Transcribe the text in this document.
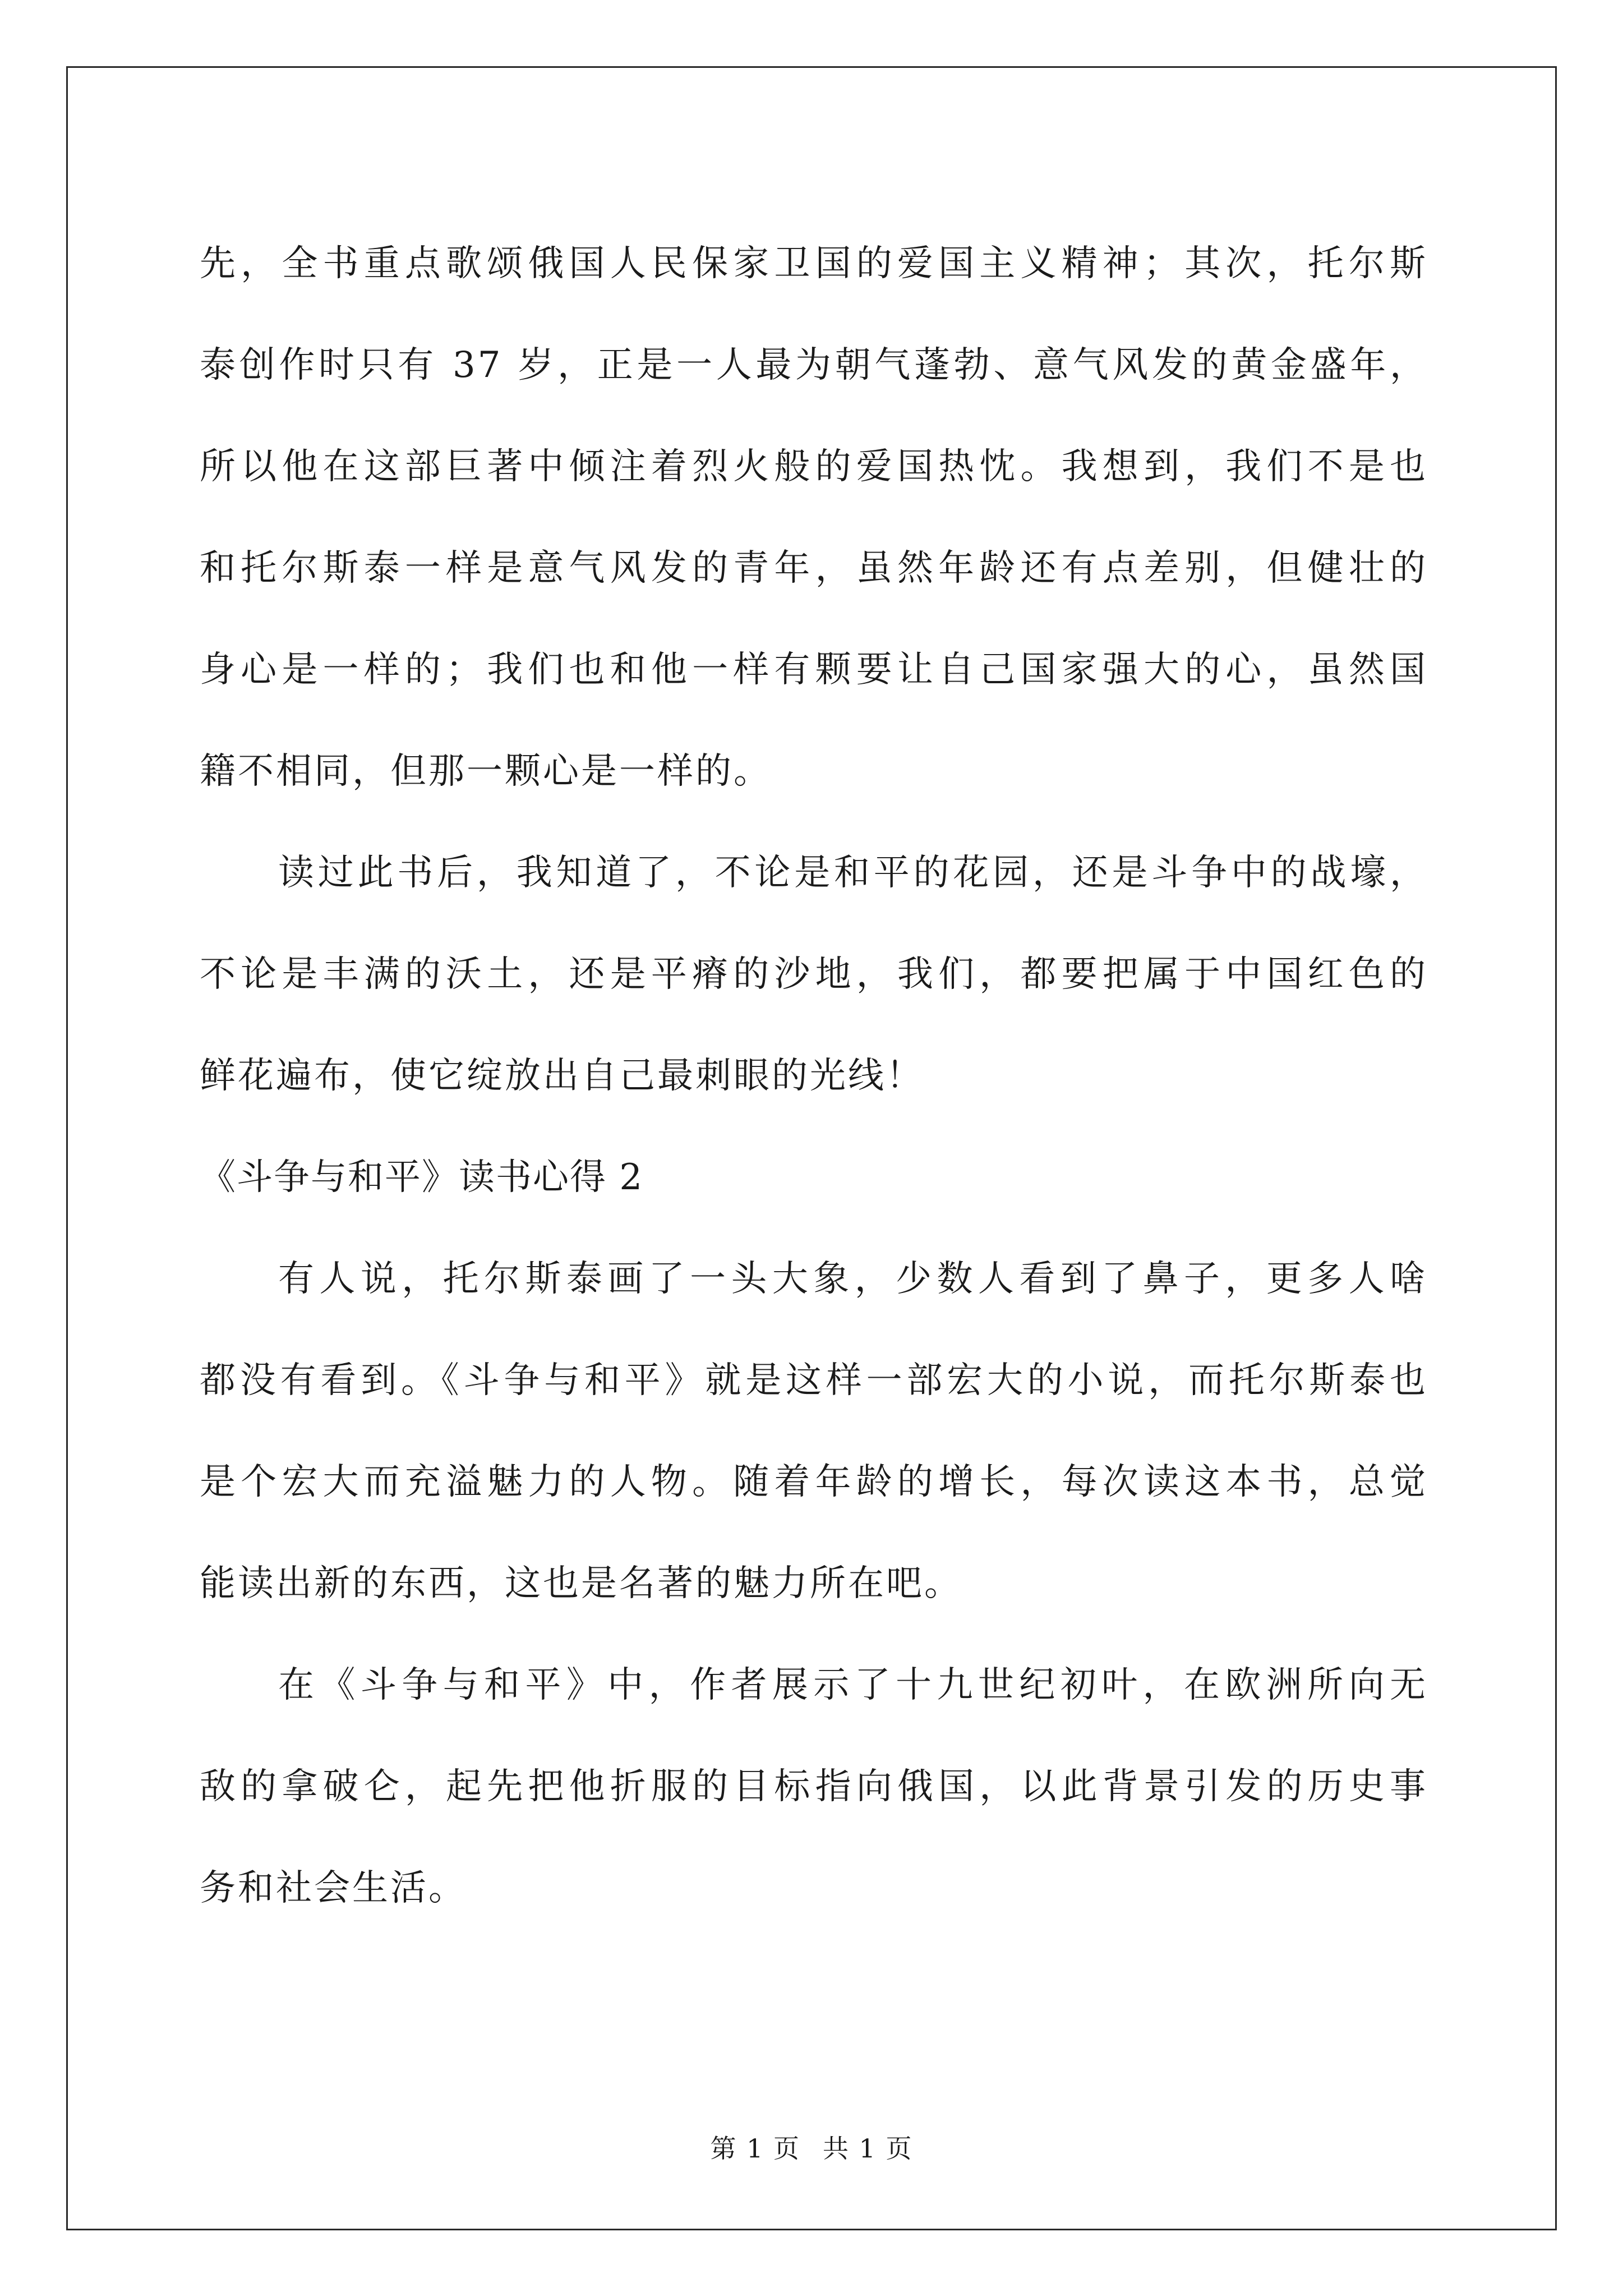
先，全书重点歌颂俄国人民保家卫国的爱国主义精神；其次，托尔斯
泰创作时只有 37 岁，正是一人最为朝气蓬勃、意气风发的黄金盛年，
所以他在这部巨著中倾注着烈火般的爱国热忱。我想到，我们不是也
和托尔斯泰一样是意气风发的青年，虽然年龄还有点差别，但健壮的
身心是一样的；我们也和他一样有颗要让自己国家强大的心，虽然国
籍不相同，但那一颗心是一样的。
读过此书后，我知道了，不论是和平的花园，还是斗争中的战壕，
不论是丰满的沃土，还是平瘠的沙地，我们，都要把属于中国红色的
鲜花遍布，使它绽放出自己最刺眼的光线！
《斗争与和平》读书心得 2
有人说，托尔斯泰画了一头大象，少数人看到了鼻子，更多人啥
都没有看到。《斗争与和平》就是这样一部宏大的小说，而托尔斯泰也
是个宏大而充溢魅力的人物。随着年龄的增长，每次读这本书，总觉
能读出新的东西，这也是名著的魅力所在吧。
在《斗争与和平》中，作者展示了十九世纪初叶，在欧洲所向无
敌的拿破仑，起先把他折服的目标指向俄国，以此背景引发的历史事
务和社会生活。
第 1 页 共 1 页
